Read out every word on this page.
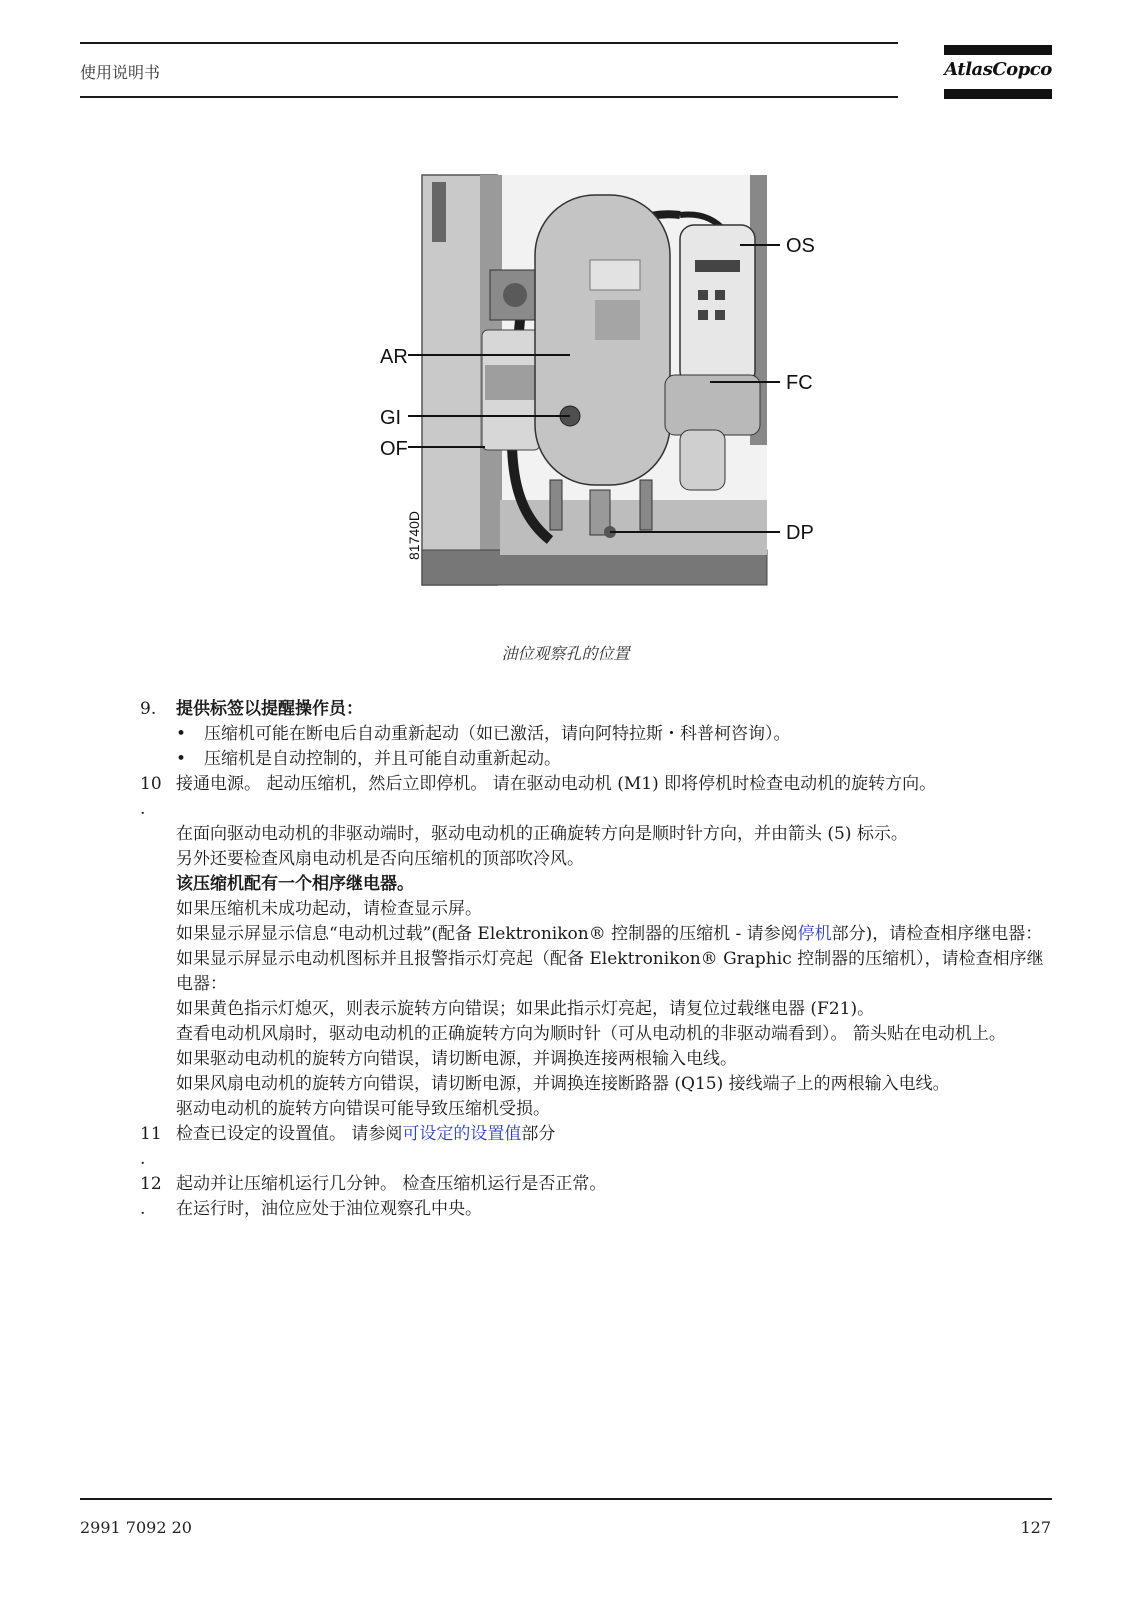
使用说明书	AtlasCopco
OS
AR
FC
GI
OF
DP
81740D
油位观察孔的位置
9.	提供标签以提醒操作员：
•	压缩机可能在断电后自动重新起动（如已激活，请向阿特拉斯・科普柯咨询）。
•	压缩机是自动控制的，并且可能自动重新起动。
10
.
接通电源。 起动压缩机，然后立即停机。 请在驱动电动机 (M1) 即将停机时检查电动机的旋转方向。
在面向驱动电动机的非驱动端时，驱动电动机的正确旋转方向是顺时针方向，并由箭头 (5) 标示。
另外还要检查风扇电动机是否向压缩机的顶部吹冷风。
该压缩机配有一个相序继电器。
如果压缩机未成功起动，请检查显示屏。
如果显示屏显示信息“电动机过载”(配备 Elektronikon® 控制器的压缩机 - 请参阅停机部分)，请检查相序继电器：
如果显示屏显示电动机图标并且报警指示灯亮起（配备 Elektronikon® Graphic 控制器的压缩机），请检查相序继电器：
如果黄色指示灯熄灭，则表示旋转方向错误；如果此指示灯亮起，请复位过载继电器 (F21)。
查看电动机风扇时，驱动电动机的正确旋转方向为顺时针（可从电动机的非驱动端看到）。 箭头贴在电动机上。
如果驱动电动机的旋转方向错误，请切断电源，并调换连接两根输入电线。
如果风扇电动机的旋转方向错误，请切断电源，并调换连接断路器 (Q15) 接线端子上的两根输入电线。
驱动电动机的旋转方向错误可能导致压缩机受损。
11
.
检查已设定的设置值。 请参阅可设定的设置值部分
12
.
起动并让压缩机运行几分钟。 检查压缩机运行是否正常。
在运行时，油位应处于油位观察孔中央。
2991 7092 20	127
